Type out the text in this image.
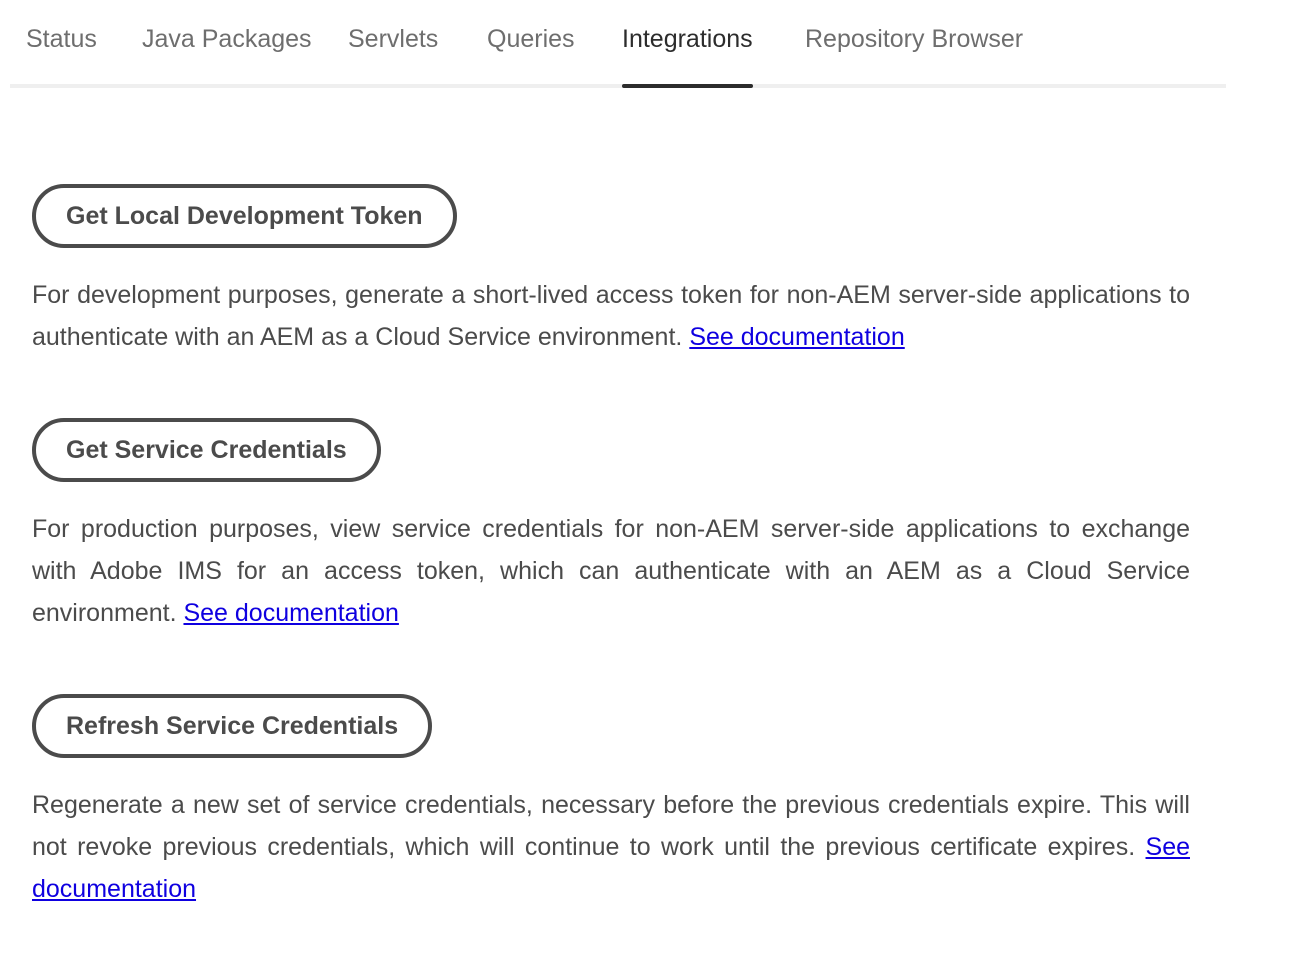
Status Java Packages Servlets Queries Integrations Repository Browser
Get Local Development Token

For development purposes, generate a short-lived access token for non-AEM server-side applications to authenticate with an AEM as a Cloud Service environment. See documentation

Get Service Credentials

For production purposes, view service credentials for non-AEM server-side applications to exchange with Adobe IMS for an access token, which can authenticate with an AEM as a Cloud Service environment. See documentation

Refresh Service Credentials

Regenerate a new set of service credentials, necessary before the previous credentials expire. This will not revoke previous credentials, which will continue to work until the previous certificate expires. See documentation
